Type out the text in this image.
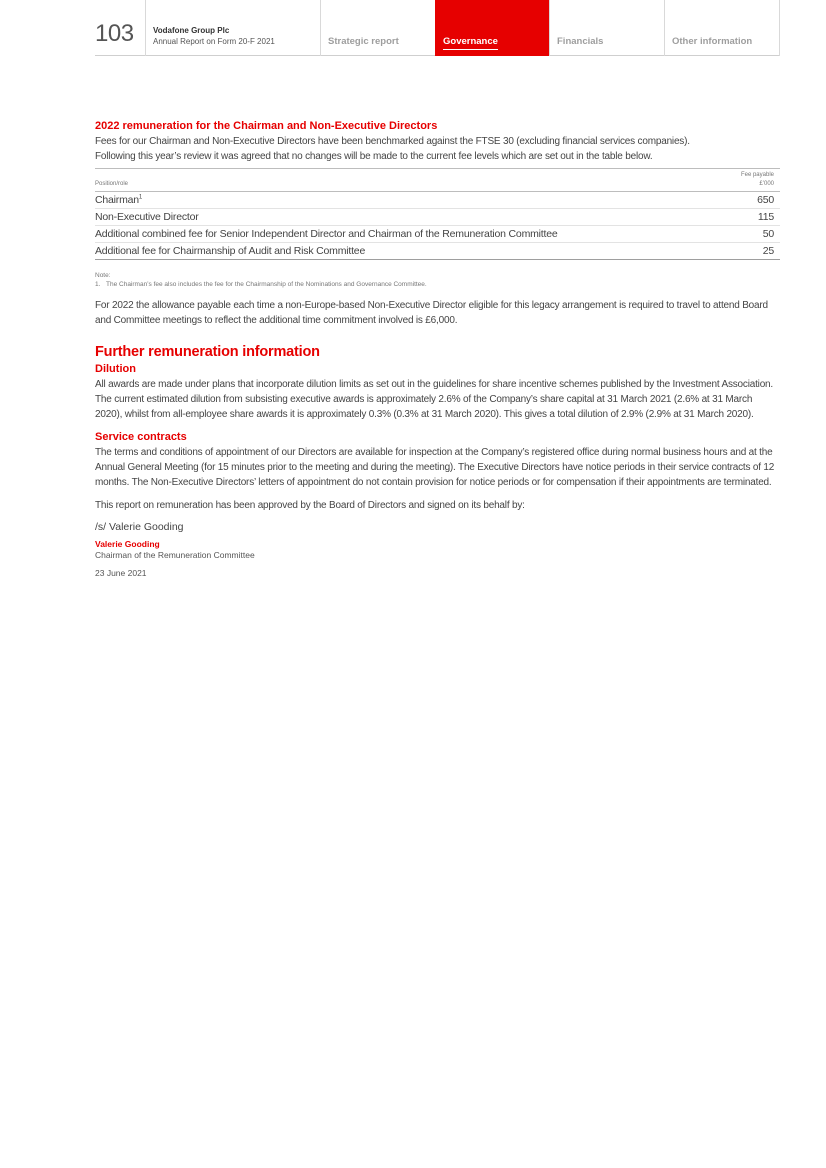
103 Vodafone Group Plc
Annual Report on Form 20-F 2021	Strategic report	Governance	Financials	Other information
2022 remuneration for the Chairman and Non-Executive Directors

Fees for our Chairman and Non-Executive Directors have been benchmarked against the FTSE 30 (excluding financial services companies).

Following this year’s review it was agreed that no changes will be made to the current fee levels which are set out in the table below.

Position/role	Fee payable
£’000
Chairman$^1$	650
Non-Executive Director	115
Additional combined fee for Senior Independent Director and Chairman of the Remuneration Committee	50
Additional fee for Chairmanship of Audit and Risk Committee	25
Note:
1. The Chairman’s fee also includes the fee for the Chairmanship of the Nominations and Governance Committee.

For 2022 the allowance payable each time a non-Europe-based Non-Executive Director eligible for this legacy arrangement is required to travel to attend Board and Committee meetings to reflect the additional time commitment involved is £6,000.

Further remuneration information
Dilution

All awards are made under plans that incorporate dilution limits as set out in the guidelines for share incentive schemes published by the Investment Association. The current estimated dilution from subsisting executive awards is approximately 2.6% of the Company’s share capital at 31 March 2021 (2.6% at 31 March 2020), whilst from all-employee share awards it is approximately 0.3% (0.3% at 31 March 2020). This gives a total dilution of 2.9% (2.9% at 31 March 2020).

Service contracts

The terms and conditions of appointment of our Directors are available for inspection at the Company’s registered office during normal business hours and at the Annual General Meeting (for 15 minutes prior to the meeting and during the meeting). The Executive Directors have notice periods in their service contracts of 12 months. The Non-Executive Directors’ letters of appointment do not contain provision for notice periods or for compensation if their appointments are terminated.

This report on remuneration has been approved by the Board of Directors and signed on its behalf by:

/s/ Valerie Gooding
Valerie Gooding
Chairman of the Remuneration Committee
23 June 2021
